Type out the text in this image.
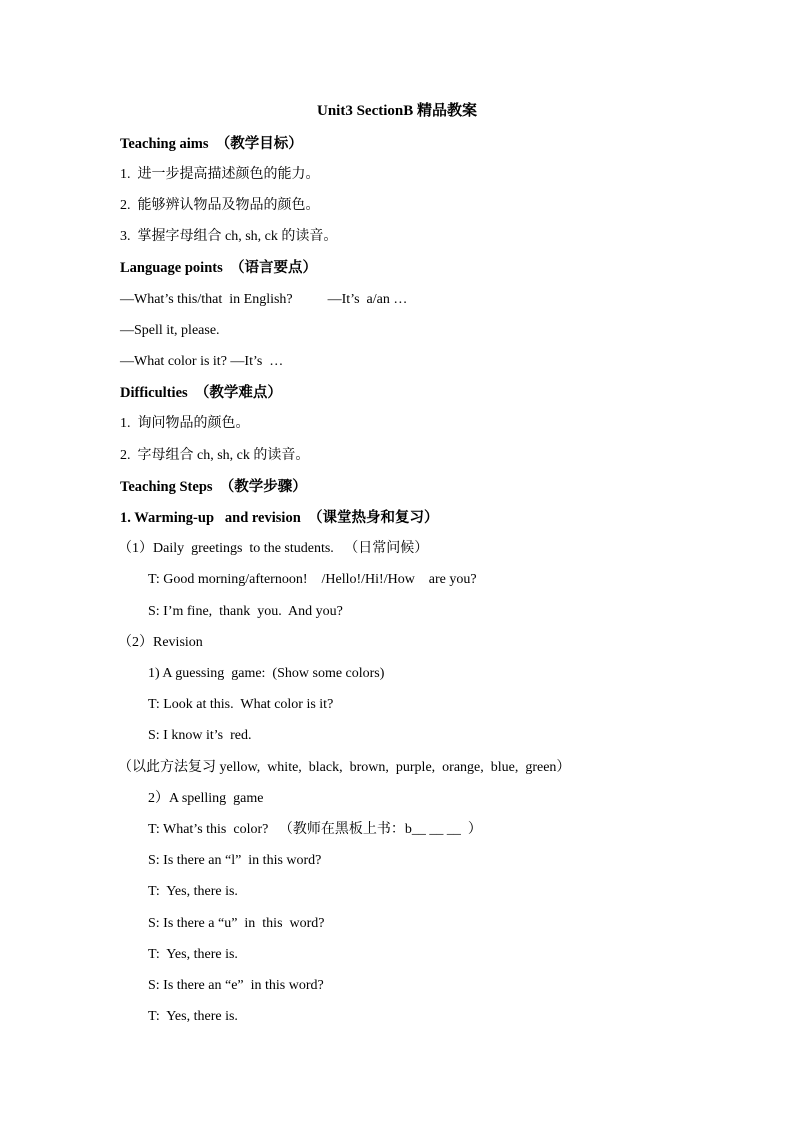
Unit3 SectionB 精品教案
Teaching aims  （教学目标）
1.  进一步提高描述颜色的能力。
2.  能够辨认物品及物品的颜色。
3.  掌握字母组合 ch, sh, ck 的读音。
Language points  （语言要点）
—What’s this/that  in English?          —It’s  a/an …
—Spell it, please.
—What color is it? —It’s  …
Difficulties  （教学难点）
1.  询问物品的颜色。
2.  字母组合 ch, sh, ck 的读音。
Teaching Steps  （教学步骤）
1. Warming-up   and revision  （课堂热身和复习）
（1）Daily  greetings  to the students.   （日常问候）
T: Good morning/afternoon!    /Hello!/Hi!/How    are you?
S: I’m fine,  thank  you.  And you?
（2）Revision
1) A guessing  game:  (Show some colors)
T: Look at this.  What color is it?
S: I know it’s  red.
（以此方法复习 yellow,  white,  black,  brown,  purple,  orange,  blue,  green）
2）A spelling  game
T: What’s this  color?   （教师在黑板上书：b__ __ __  ）
S: Is there an “l”  in this word?
T:  Yes, there is.
S: Is there a “u”  in  this  word?
T:  Yes, there is.
S: Is there an “e”  in this word?
T:  Yes, there is.
